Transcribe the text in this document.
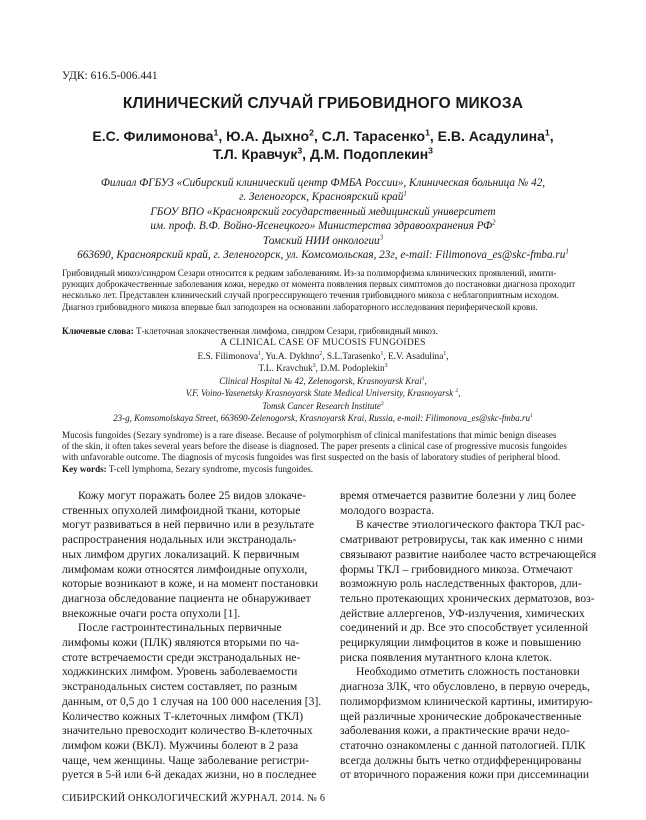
УДК: 616.5-006.441
КЛИНИЧЕСКИЙ СЛУЧАЙ ГРИБОВИДНОГО МИКОЗА
Е.С. Филимонова$^1$, Ю.А. Дыхно$^2$, С.Л. Тарасенко$^1$, Е.В. Асадулина$^1$,
Т.Л. Кравчук$^3$, Д.М. Подоплекин$^3$
Филиал ФГБУЗ «Сибирский клинический центр ФМБА России», Клиническая больница № 42,
г. Зеленогорск, Красноярский край$^1$
ГБОУ ВПО «Красноярский государственный медицинский университет
им. проф. В.Ф. Войно-Ясенецкого» Министерства здравоохранения $РФ^2$
Томский НИИ онкологии$^3$
663690, Красноярский край, г. Зеленогорск, ул. Комсомольская, 23г, e-mail: $Filimonova\_es@skc-fmba.ru^1$
Грибовидный микоз/синдром Сезари относится к редким заболеваниям. Из-за полиморфизма клинических проявлений, имити-
рующих доброкачественные заболевания кожи, нередко от момента появления первых симптомов до постановки диагноза проходит
несколько лет. Представлен клинический случай прогрессирующего течения грибовидного микоза с неблагоприятным исходом.
Диагноз грибовидного микоза впервые был заподозрен на основании лабораторного исследования периферической крови.
Ключевые слова: Т-клеточная злокачественная лимфома, синдром Сезари, грибовидный микоз.
A CLINICAL CASE OF MUCOSIS FUNGOIDES
E.S. Filimonova$^1$, Yu.A. Dykhno$^2$, S.L.Tarasenko$^1$, E.V. Asadulina$^1$,
T.L. Kravchuk$^3$, D.M. Podoplekin$^3$
Clinical Hospital № 42, Zelenogorsk, Krasnoyarsk Krai$^1$,
V.F. Voino-Yasenetsky Krasnoyarsk State Medical University, Krasnoyarsk $^2$,
Tomsk Cancer Research Institute$^3$
23-g, Komsomolskaya Street, 663690-Zelenogorsk, Krasnoyarsk Krai, Russia, e-mail: $Filimonova\_es@skc-fmba.ru^1$
Mucosis fungoides (Sezary syndrome) is a rare disease. Because of polymorphism of clinical manifestations that mimic benign diseases
of the skin, it often takes several years before the disease is diagnosed. The paper presents a clinical case of progressive mucosis fungoides
with unfavorable outcome. The diagnosis of mycosis fungoides was first suspected on the basis of laboratory studies of peripheral blood.
Key words: T-cell lymphoma, Sezary syndrome, mycosis fungoides.
Кожу могут поражать более 25 видов злокаче-
ственных опухолей лимфоидной ткани, которые
могут развиваться в ней первично или в результате
распространения нодальных или экстранодаль-
ных лимфом других локализаций. К первичным
лимфомам кожи относятся лимфоидные опухоли,
которые возникают в коже, и на момент постановки
диагноза обследование пациента не обнаруживает
внекожные очаги роста опухоли [1].
После гастроинтестинальных первичные
лимфомы кожи (ПЛК) являются вторыми по ча-
стоте встречаемости среди экстранодальных не-
ходжкинских лимфом. Уровень заболеваемости
экстранодальных систем составляет, по разным
данным, от 0,5 до 1 случая на 100 000 населения [3].
Количество кожных Т-клеточных лимфом (ТКЛ)
значительно превосходит количество В-клеточных
лимфом кожи (ВКЛ). Мужчины болеют в 2 раза
чаще, чем женщины. Чаще заболевание регистри-
руется в 5-й или 6-й декадах жизни, но в последнее
время отмечается развитие болезни у лиц более
молодого возраста.
В качестве этиологического фактора ТКЛ рас-
сматривают ретровирусы, так как именно с ними
связывают развитие наиболее часто встречающейся
формы ТКЛ – грибовидного микоза. Отмечают
возможную роль наследственных факторов, дли-
тельно протекающих хронических дерматозов, воз-
действие аллергенов, УФ-излучения, химических
соединений и др. Все это способствует усиленной
рециркуляции лимфоцитов в коже и повышению
риска появления мутантного клона клеток.
Необходимо отметить сложность постановки
диагноза ЗЛК, что обусловлено, в первую очередь,
полиморфизмом клинической картины, имитирую-
щей различные хронические доброкачественные
заболевания кожи, а практические врачи недо-
статочно ознакомлены с данной патологией. ПЛК
всегда должны быть четко отдифференцированы
от вторичного поражения кожи при диссеминации
СИБИРСКИЙ ОНКОЛОГИЧЕСКИЙ ЖУРНАЛ. 2014. № 6
